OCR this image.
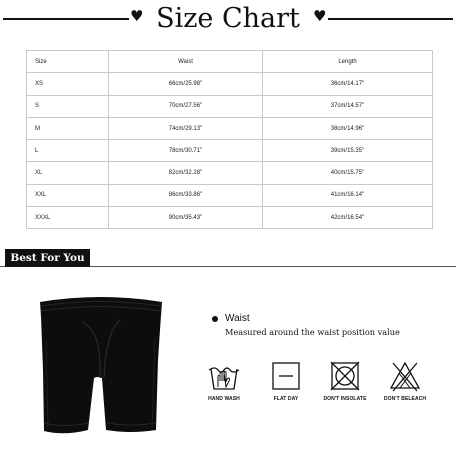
♥ Size Chart ♥
Size	Waist	Length
XS	66cm/25.98"	36cm/14.17"
S	70cm/27.56"	37cm/14.57"
M	74cm/29.13"	38cm/14.96"
L	78cm/30.71"	39cm/15.35"
XL	82cm/32.28"	40cm/15.75"
XXL	86cm/33.86"	41cm/16.14"
XXXL	90cm/35.43"	42cm/16.54"
Best For You
Waist
Measured around the waist position value
HAND WASH	FLAT DAY	DON'T INSOLATE	DON'T BELEACH
